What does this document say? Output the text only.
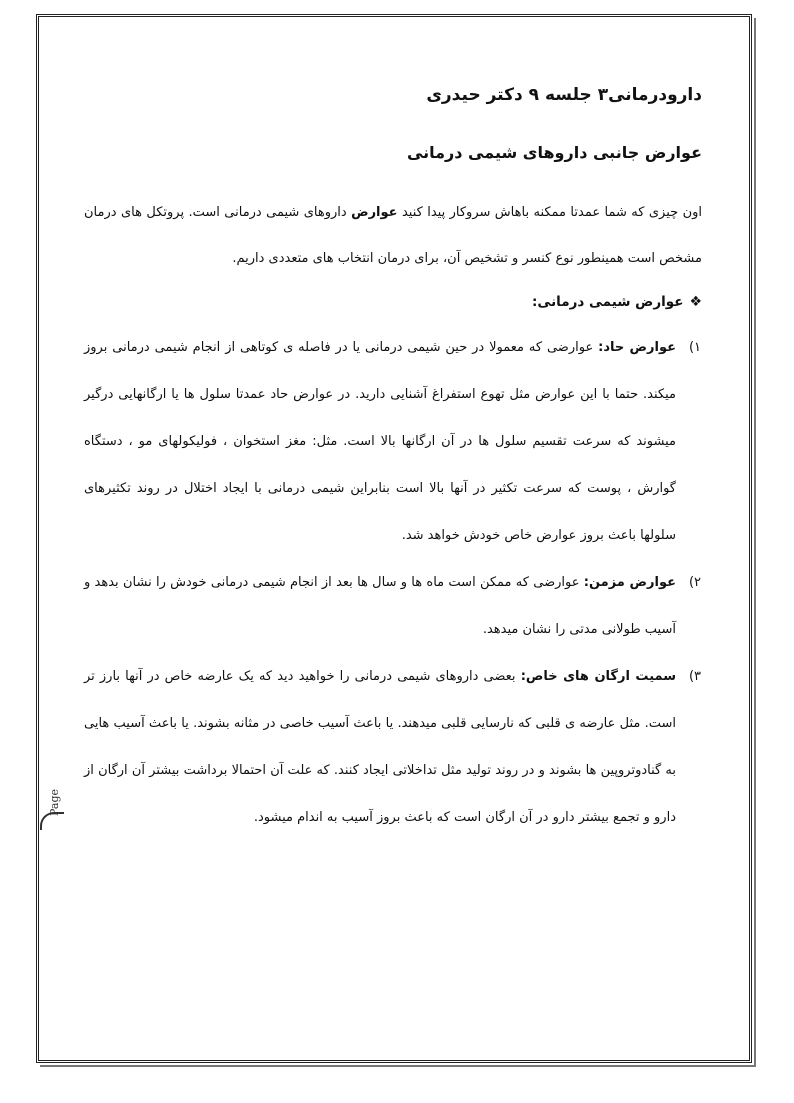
دارودرمانی۳ جلسه ۹ دکتر حیدری
عوارض جانبی داروهای شیمی درمانی

اون چیزی که شما عمدتا ممکنه باهاش سروکار پیدا کنید عوارض داروهای شیمی درمانی است. پروتکل های درمان مشخص است همینطور نوع کنسر و تشخیص آن، برای درمان انتخاب های متعددی داریم.

❖عوارض شیمی درمانی:
۱)
عوارض حاد: عوارضی که معمولا در حین شیمی درمانی یا در فاصله ی کوتاهی از انجام شیمی درمانی بروز میکند. حتما با این عوارض مثل تهوع استفراغ آشنایی دارید. در عوارض حاد عمدتا سلول ها یا ارگانهایی درگیر میشوند که سرعت تقسیم سلول ها در آن ارگانها بالا است. مثل: مغز استخوان ، فولیکولهای مو ، دستگاه گوارش ، پوست که سرعت تکثیر در آنها بالا است بنابراین شیمی درمانی با ایجاد اختلال در روند تکثیرهای سلولها باعث بروز عوارض خاص خودش خواهد شد.
۲)
عوارض مزمن: عوارضی که ممکن است ماه ها و سال ها بعد از انجام شیمی درمانی خودش را نشان بدهد و آسیب طولانی مدتی را نشان میدهد.
۳)
سمیت ارگان های خاص: بعضی داروهای شیمی درمانی را خواهید دید که یک عارضه خاص در آنها بارز تر است. مثل عارضه ی قلبی که نارسایی قلبی میدهند. یا باعث آسیب خاصی در مثانه بشوند. یا باعث آسیب هایی به گنادوتروپین ها بشوند و در روند تولید مثل تداخلاتی ایجاد کنند. که علت آن احتمالا برداشت بیشتر آن ارگان از دارو و تجمع بیشتر دارو در آن ارگان است که باعث بروز آسیب به اندام میشود.
Page
